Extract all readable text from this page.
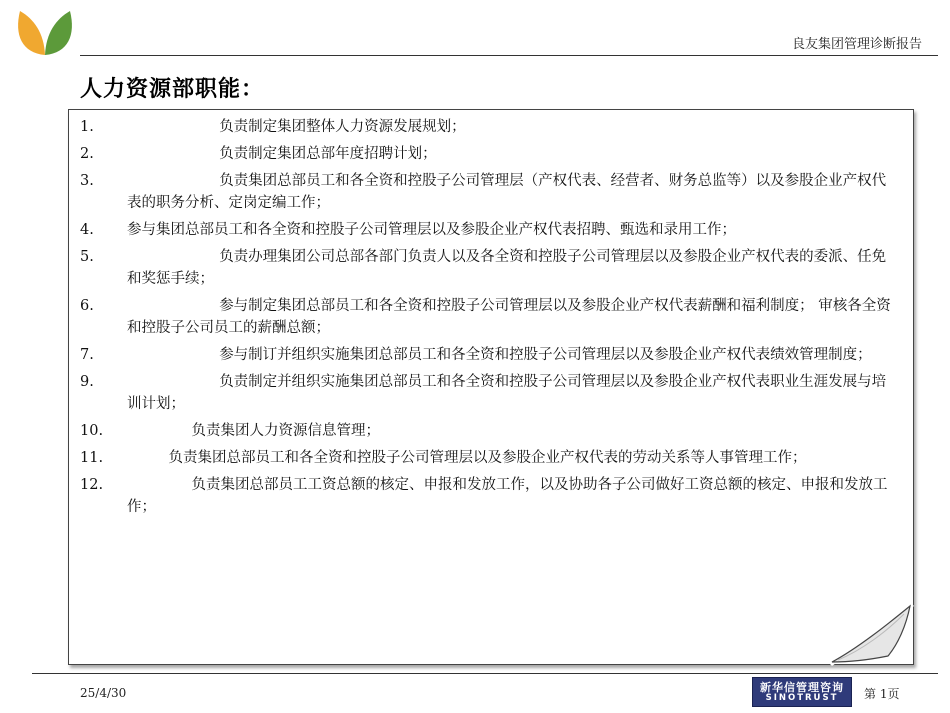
良友集团管理诊断报告
人力资源部职能：
1. 负责制定集团整体人力资源发展规划；
2. 负责制定集团总部年度招聘计划；
3. 负责集团总部员工和各全资和控股子公司管理层（产权代表、经营者、财务总监等）以及参股企业产权代表的职务分析、定岗定编工作；
4. 参与集团总部员工和各全资和控股子公司管理层以及参股企业产权代表招聘、甄选和录用工作；
5. 负责办理集团公司总部各部门负责人以及各全资和控股子公司管理层以及参股企业产权代表的委派、任免和奖惩手续；
6. 参与制定集团总部员工和各全资和控股子公司管理层以及参股企业产权代表薪酬和福利制度； 审核各全资和控股子公司员工的薪酬总额；
7. 参与制订并组织实施集团总部员工和各全资和控股子公司管理层以及参股企业产权代表绩效管理制度；
9. 负责制定并组织实施集团总部员工和各全资和控股子公司管理层以及参股企业产权代表职业生涯发展与培训计划；
10. 负责集团人力资源信息管理；
11. 负责集团总部员工和各全资和控股子公司管理层以及参股企业产权代表的劳动关系等人事管理工作；
12. 负责集团总部员工工资总额的核定、申报和发放工作，以及协助各子公司做好工资总额的核定、申报和发放工作；
25/4/30	新华信管理咨询
SINOTRUST	第 1页
